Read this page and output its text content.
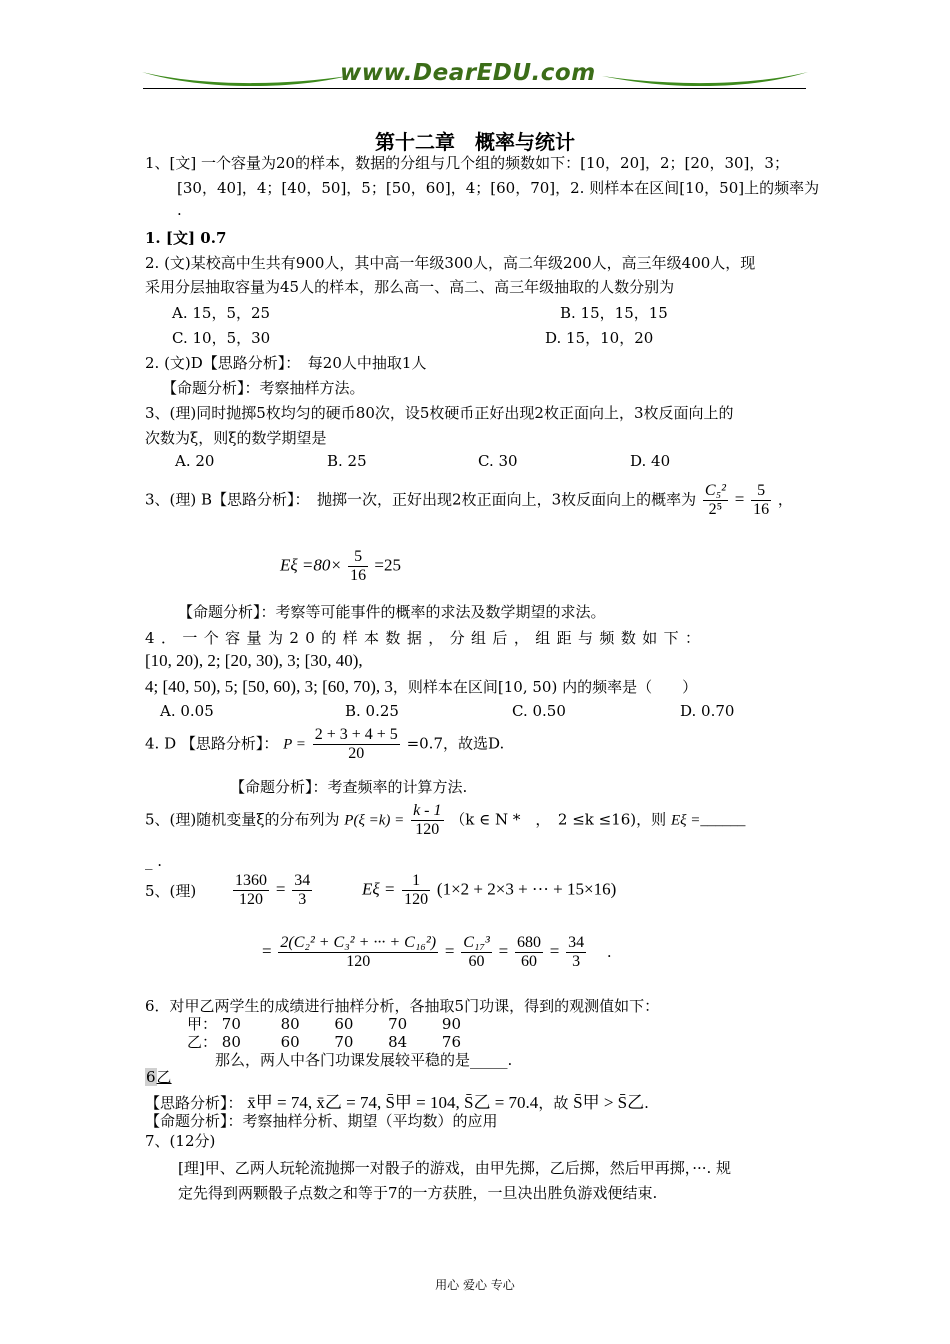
www.DearEDU.com
第十二章　概率与统计
1、[文] 一个容量为20的样本，数据的分组与几个组的频数如下：[10，20]，2；[20，30]，3；
[30，40]，4；[40，50]，5；[50，60]，4；[60，70]，2. 则样本在区间[10，50]上的频率为
.
1. [文] 0.7
2. (文)某校高中生共有900人，其中高一年级300人，高二年级200人，高三年级400人，现
采用分层抽取容量为45人的样本，那么高一、高二、高三年级抽取的人数分别为
A. 15，5，25	B. 15，15，15
C. 10，5，30	D. 15，10，20
2. (文)D【思路分析】：　每20人中抽取1人
【命题分析】：考察抽样方法。
3、(理)同时抛掷5枚均匀的硬币80次，设5枚硬币正好出现2枚正面向上，3枚反面向上的
次数为ξ，则ξ的数学期望是
A. 20	B. 25	C. 30	D. 40
3、(理) B【思路分析】：　抛掷一次，正好出现2枚正面向上，3枚反面向上的概率为 $\frac{\text{C₅²}}{\text{2⁵}} = \frac{5}{16}$ ，
$E\xi =80\times \frac{5}{16} =25$
【命题分析】：考察等可能事件的概率的求法及数学期望的求法。
4．一个容量为20的样本数据，分组后，组距与频数如下：
[10, 20), 2; [20, 30), 3; [30, 40),
4; [40, 50), 5; [50, 60), 3; [60, 70), 3，则样本在区间[10, 50) 内的频率是（　　）
A. 0.05	B. 0.25	C. 0.50	D. 0.70
4. D 【思路分析】： $P = \frac{2 + 3 + 4 + 5}{20} =0.7$，故选D.
【命题分析】：考查频率的计算方法.
5、(理)随机变量ξ的分布列为 $P(\xi =k) = \frac{k - 1}{120} (k$ ∈ N *　，　2 ≤k ≤16)，则 Eξ =______
_ .
5、(理) $\frac{1360}{120} = \frac{34}{3}$	$E\xi = \frac{1}{120} (1\times 2 + 2\times 3$ + ··· + 15×16)
= $\frac{\text{2(C₂² + C₃² + ··· + C₁₆²)}}{120} = \frac{\text{C₁₇³}}{60} = \frac{680}{60} = \frac{34}{3}$ .
6．对甲乙两学生的成绩进行抽样分析，各抽取5门功课，得到的观测值如下：
甲： 70	80 60 70 90
乙： 80	60 70 84 76
那么，两人中各门功课发展较平稳的是_____.
6乙
【思路分析】： x̄甲 = 74, x̄乙 = 74, S̄甲 = 104, S̄乙 = 70.4，故 S̄甲 > S̄乙.
【命题分析】：考察抽样分析、期望（平均数）的应用
7、(12分)
[理]甲、乙两人玩轮流抛掷一对骰子的游戏，由甲先掷，乙后掷，然后甲再掷，···. 规
定先得到两颗骰子点数之和等于7的一方获胜，一旦决出胜负游戏便结束.
用心 爱心 专心
